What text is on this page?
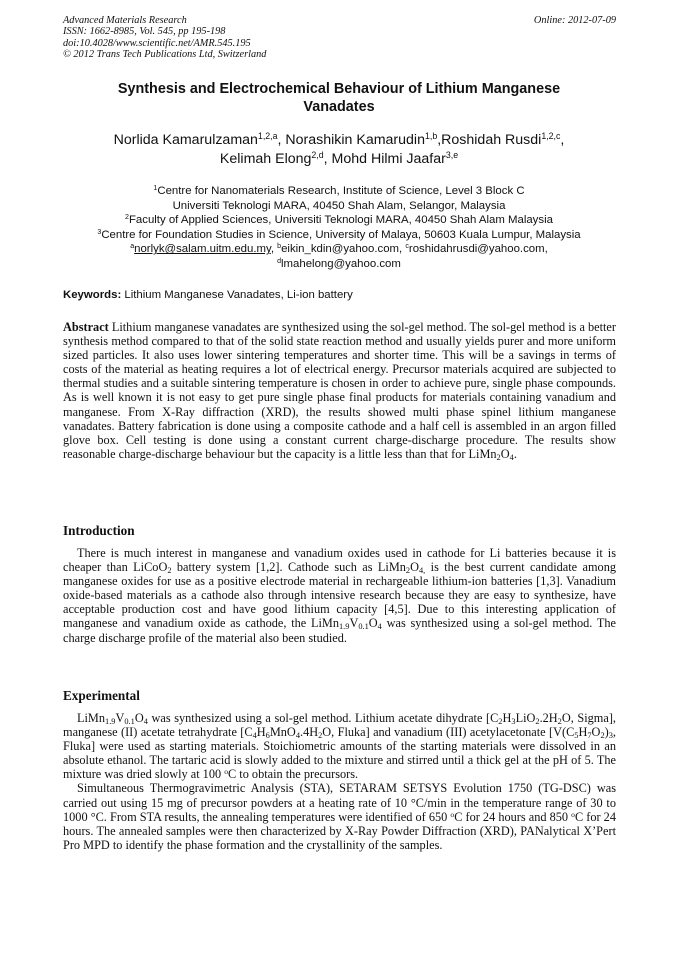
Advanced Materials Research
ISSN: 1662-8985, Vol. 545, pp 195-198
doi:10.4028/www.scientific.net/AMR.545.195
© 2012 Trans Tech Publications Ltd, Switzerland
Online: 2012-07-09
Synthesis and Electrochemical Behaviour of Lithium Manganese
Vanadates
Norlida Kamarulzaman$^{1,2,a}$, Norashikin Kamarudin$^{1,b}$,Roshidah Rusdi$^{1,2,c}$,
Kelimah Elong$^{2,d}$, Mohd Hilmi Jaafar$^{3,e}$
$^1$Centre for Nanomaterials Research, Institute of Science, Level 3 Block C
Universiti Teknologi MARA, 40450 Shah Alam, Selangor, Malaysia
$^2$Faculty of Applied Sciences, Universiti Teknologi MARA, 40450 Shah Alam Malaysia
$^3$Centre for Foundation Studies in Science, University of Malaya, 50603 Kuala Lumpur, Malaysia
$^a$norlyk@salam.uitm.edu.my, $^b$eikin_kdin@yahoo.com, $^c$roshidahrusdi@yahoo.com,
$^d$lmahelong@yahoo.com
Keywords: Lithium Manganese Vanadates, Li-ion battery

Abstract Lithium manganese vanadates are synthesized using the sol-gel method. The sol-gel method is a better synthesis method compared to that of the solid state reaction method and usually yields purer and more uniform sized particles. It also uses lower sintering temperatures and shorter time. This will be a savings in terms of costs of the material as heating requires a lot of electrical energy. Precursor materials acquired are subjected to thermal studies and a suitable sintering temperature is chosen in order to achieve pure, single phase compounds. As is well known it is not easy to get pure single phase final products for materials containing vanadium and manganese. From X-Ray diffraction (XRD), the results showed multi phase spinel lithium manganese vanadates. Battery fabrication is done using a composite cathode and a half cell is assembled in an argon filled glove box. Cell testing is done using a constant current charge-discharge procedure. The results show reasonable charge-discharge behaviour but the capacity is a little less than that for $LiMn_2O_4$.

Introduction

There is much interest in manganese and vanadium oxides used in cathode for Li batteries because it is cheaper than LiCoO$_2$ battery system [1,2]. Cathode such as $LiMn_2O_{4,}$ is the best current candidate among manganese oxides for use as a positive electrode material in rechargeable lithium-ion batteries [1,3]. Vanadium oxide-based materials as a cathode also through intensive research because they are easy to synthesize, have acceptable production cost and have good lithium capacity [4,5]. Due to this interesting application of manganese and vanadium oxide as cathode, the $LiMn_{1.9}V_{0.1}O_4$ was synthesized using a sol-gel method. The charge discharge profile of the material also been studied.

Experimental

$LiMn_{1.9}V_{0.1}O_4$ was synthesized using a sol-gel method. Lithium acetate dihydrate [$C_2H_3LiO_2.2H_2O$, Sigma], manganese (II) acetate tetrahydrate [$C_4H_6MnO_4.4H_2O$, Fluka] and vanadium (III) acetylacetonate [$V(C_5H_7O_2)_3$, Fluka] were used as starting materials. Stoichiometric amounts of the starting materials were dissolved in an absolute ethanol. The tartaric acid is slowly added to the mixture and stirred until a thick gel at the pH of 5. The mixture was dried slowly at 100 $^o$C to obtain the precursors.

Simultaneous Thermogravimetric Analysis (STA), SETARAM SETSYS Evolution 1750 (TG-DSC) was carried out using 15 mg of precursor powders at a heating rate of 10 °C/min in the temperature range of 30 to 1000 °C. From STA results, the annealing temperatures were identified of 650 $^o$C for 24 hours and 850 $^o$C for 24 hours. The annealed samples were then characterized by X-Ray Powder Diffraction (XRD), PANalytical X’Pert Pro MPD to identify the phase formation and the crystallinity of the samples.
